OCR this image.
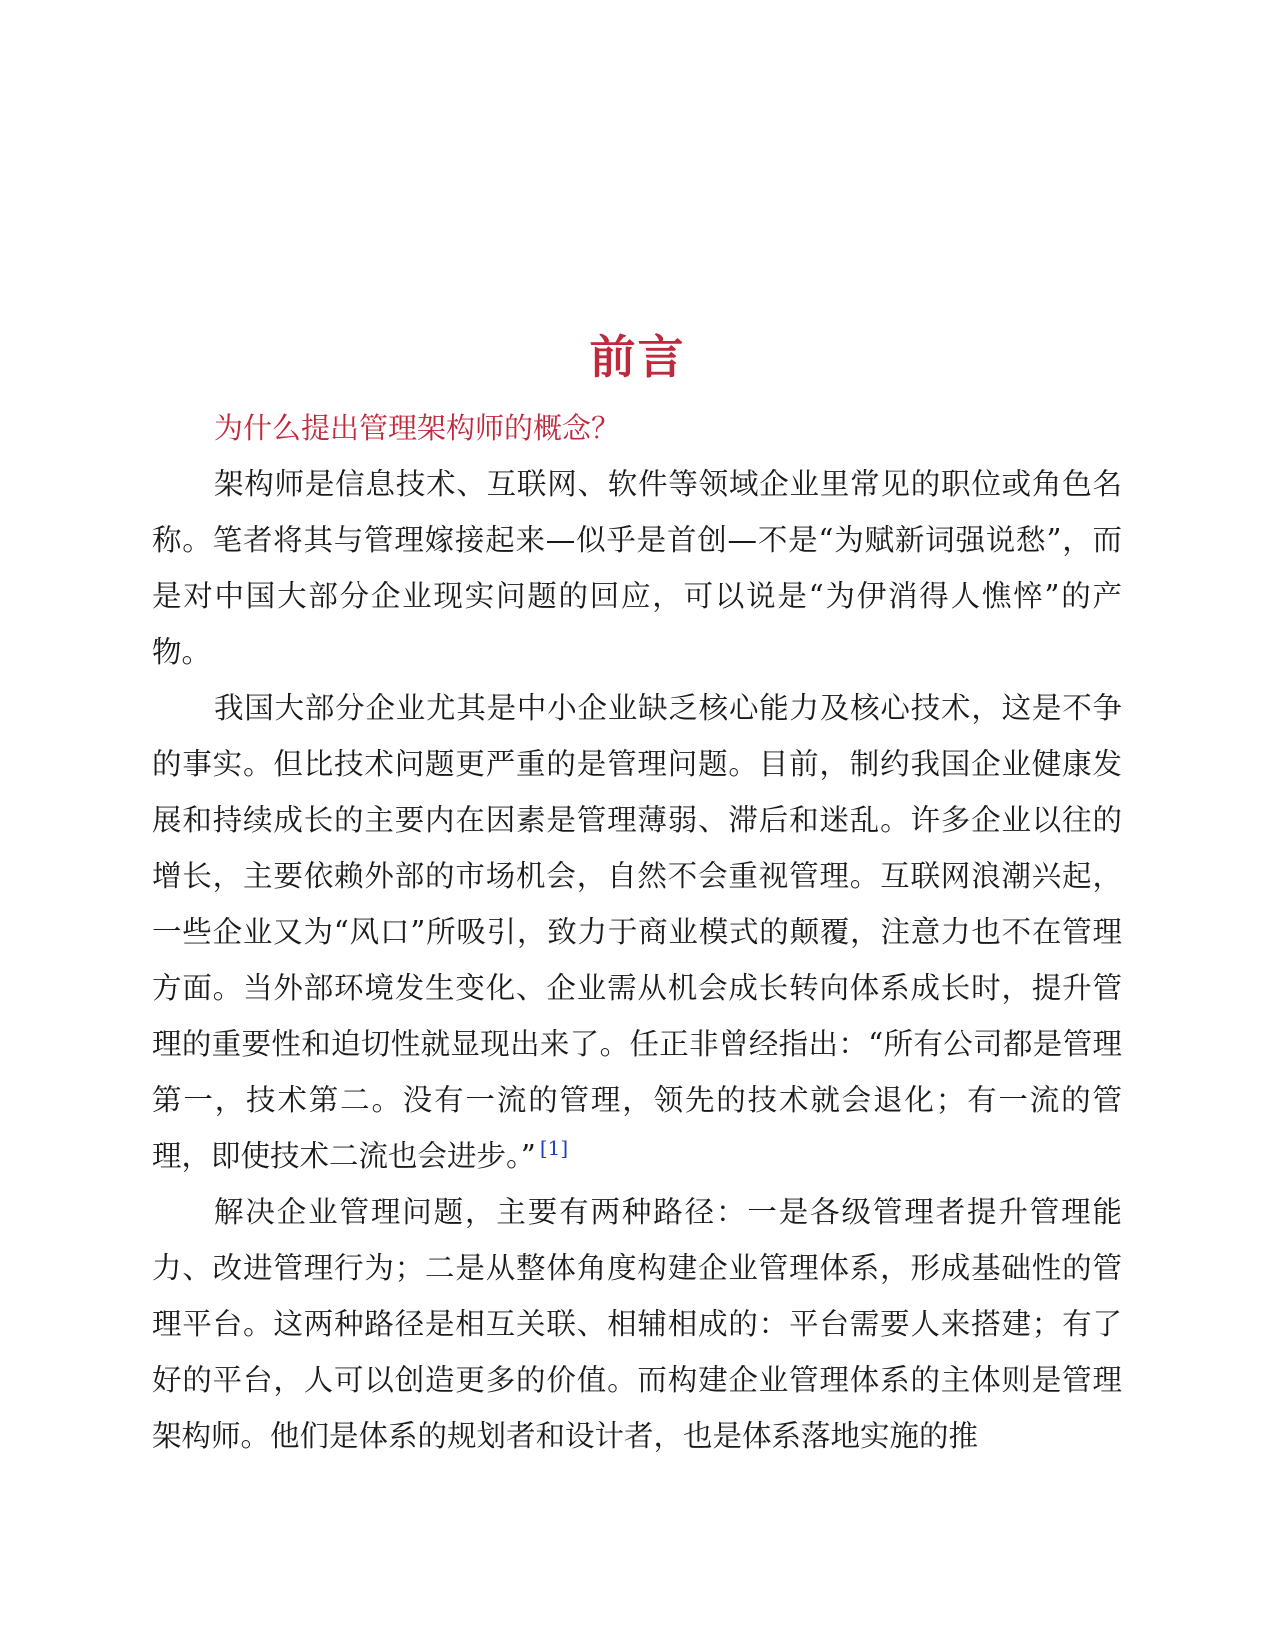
前言

为什么提出管理架构师的概念？

架构师是信息技术、互联网、软件等领域企业里常见的职位或角色名称。笔者将其与管理嫁接起来—似乎是首创—不是“为赋新词强说愁”，而是对中国大部分企业现实问题的回应，可以说是“为伊消得人憔悴”的产物。

我国大部分企业尤其是中小企业缺乏核心能力及核心技术，这是不争的事实。但比技术问题更严重的是管理问题。目前，制约我国企业健康发展和持续成长的主要内在因素是管理薄弱、滞后和迷乱。许多企业以往的增长，主要依赖外部的市场机会，自然不会重视管理。互联网浪潮兴起，一些企业又为“风口”所吸引，致力于商业模式的颠覆，注意力也不在管理方面。当外部环境发生变化、企业需从机会成长转向体系成长时，提升管理的重要性和迫切性就显现出来了。任正非曾经指出：“所有公司都是管理第一，技术第二。没有一流的管理，领先的技术就会退化；有一流的管理，即使技术二流也会进步。” [1]

解决企业管理问题，主要有两种路径：一是各级管理者提升管理能力、改进管理行为；二是从整体角度构建企业管理体系，形成基础性的管理平台。这两种路径是相互关联、相辅相成的：平台需要人来搭建；有了好的平台，人可以创造更多的价值。而构建企业管理体系的主体则是管理架构师。他们是体系的规划者和设计者，也是体系落地实施的推
